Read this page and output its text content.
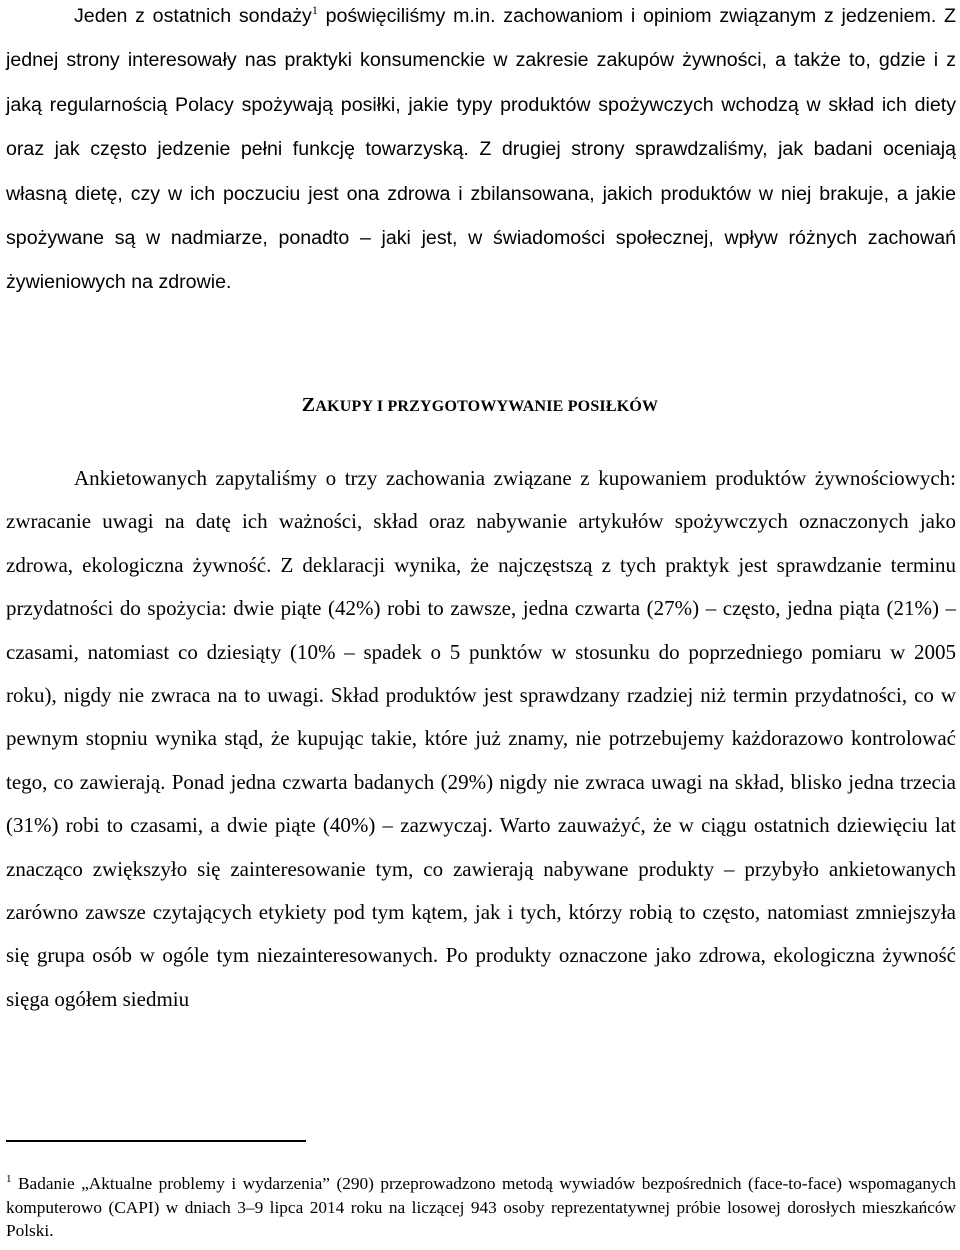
Jeden z ostatnich sondaży$^1$ poświęciliśmy m.in. zachowaniom i opiniom związanym z jedzeniem. Z jednej strony interesowały nas praktyki konsumenckie w zakresie zakupów żywności, a także to, gdzie i z jaką regularnością Polacy spożywają posiłki, jakie typy produktów spożywczych wchodzą w skład ich diety oraz jak często jedzenie pełni funkcję towarzyską. Z drugiej strony sprawdzaliśmy, jak badani oceniają własną dietę, czy w ich poczuciu jest ona zdrowa i zbilansowana, jakich produktów w niej brakuje, a jakie spożywane są w nadmiarze, ponadto – jaki jest, w świadomości społecznej, wpływ różnych zachowań żywieniowych na zdrowie.

ZAKUPY I PRZYGOTOWYWANIE POSIŁKÓW

Ankietowanych zapytaliśmy o trzy zachowania związane z kupowaniem produktów żywnościowych: zwracanie uwagi na datę ich ważności, skład oraz nabywanie artykułów spożywczych oznaczonych jako zdrowa, ekologiczna żywność. Z deklaracji wynika, że najczęstszą z tych praktyk jest sprawdzanie terminu przydatności do spożycia: dwie piąte (42%) robi to zawsze, jedna czwarta (27%) – często, jedna piąta (21%) – czasami, natomiast co dziesiąty (10% – spadek o 5 punktów w stosunku do poprzedniego pomiaru w 2005 roku), nigdy nie zwraca na to uwagi. Skład produktów jest sprawdzany rzadziej niż termin przydatności, co w pewnym stopniu wynika stąd, że kupując takie, które już znamy, nie potrzebujemy każdorazowo kontrolować tego, co zawierają. Ponad jedna czwarta badanych (29%) nigdy nie zwraca uwagi na skład, blisko jedna trzecia (31%) robi to czasami, a dwie piąte (40%) – zazwyczaj. Warto zauważyć, że w ciągu ostatnich dziewięciu lat znacząco zwiększyło się zainteresowanie tym, co zawierają nabywane produkty – przybyło ankietowanych zarówno zawsze czytających etykiety pod tym kątem, jak i tych, którzy robią to często, natomiast zmniejszyła się grupa osób w ogóle tym niezainteresowanych. Po produkty oznaczone jako zdrowa, ekologiczna żywność sięga ogółem siedmiu

$^1$ Badanie „Aktualne problemy i wydarzenia” (290) przeprowadzono metodą wywiadów bezpośrednich (face-to-face) wspomaganych komputerowo (CAPI) w dniach 3–9 lipca 2014 roku na liczącej 943 osoby reprezentatywnej próbie losowej dorosłych mieszkańców Polski.
